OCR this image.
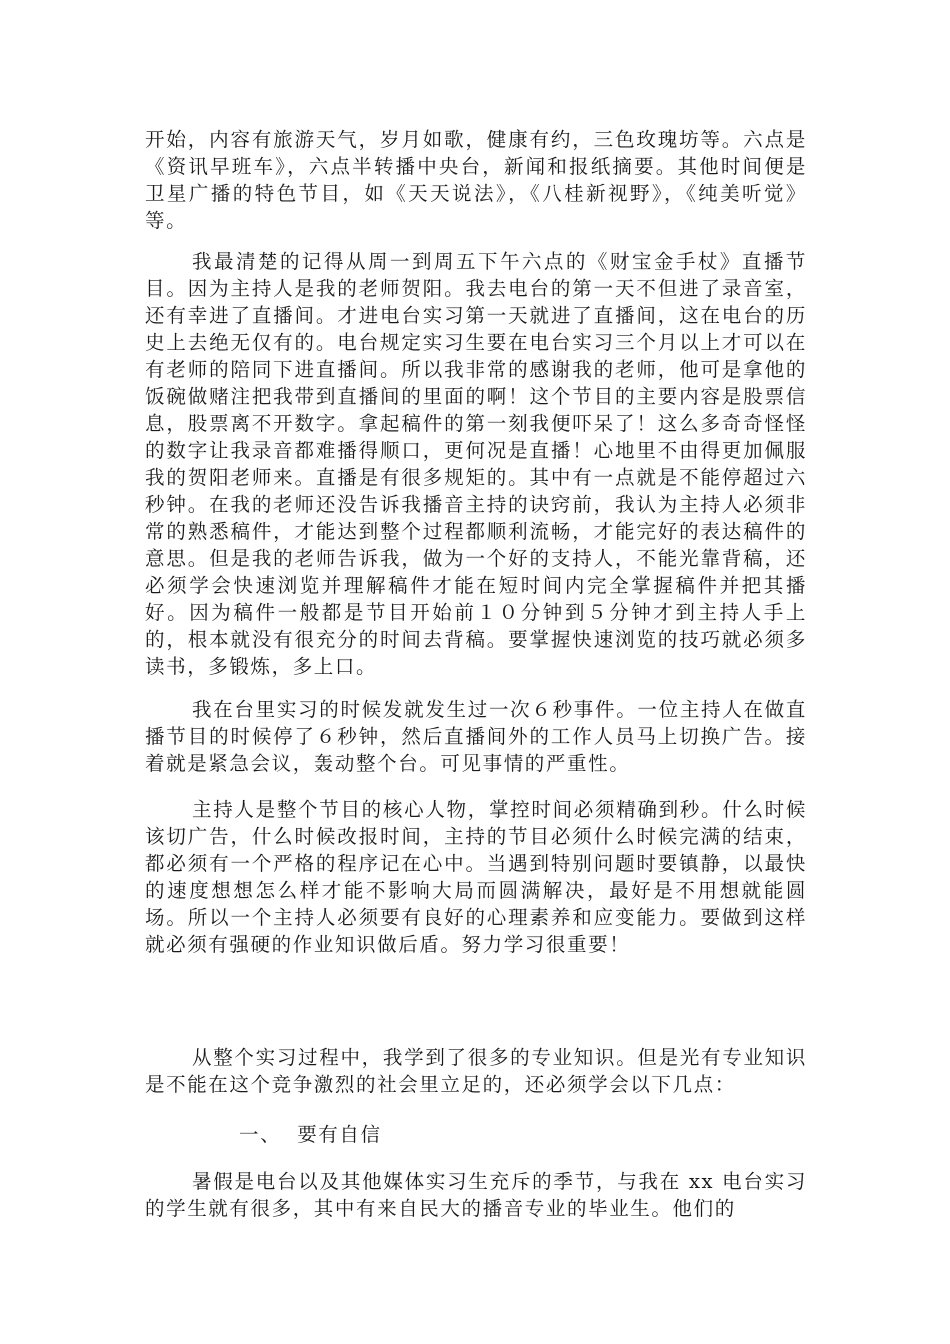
开始，内容有旅游天气，岁月如歌，健康有约，三色玫瑰坊等。六点是《资讯早班车》，六点半转播中央台，新闻和报纸摘要。其他时间便是卫星广播的特色节目，如《天天说法》，《八桂新视野》，《纯美听觉》等。

我最清楚的记得从周一到周五下午六点的《财宝金手杖》直播节目。因为主持人是我的老师贺阳。我去电台的第一天不但进了录音室，还有幸进了直播间。才进电台实习第一天就进了直播间，这在电台的历史上去绝无仅有的。电台规定实习生要在电台实习三个月以上才可以在有老师的陪同下进直播间。所以我非常的感谢我的老师，他可是拿他的饭碗做赌注把我带到直播间的里面的啊！这个节目的主要内容是股票信息，股票离不开数字。拿起稿件的第一刻我便吓呆了！这么多奇奇怪怪的数字让我录音都难播得顺口，更何况是直播！心地里不由得更加佩服我的贺阳老师来。直播是有很多规矩的。其中有一点就是不能停超过六秒钟。在我的老师还没告诉我播音主持的诀窍前，我认为主持人必须非常的熟悉稿件，才能达到整个过程都顺利流畅，才能完好的表达稿件的意思。但是我的老师告诉我，做为一个好的支持人，不能光靠背稿，还必须学会快速浏览并理解稿件才能在短时间内完全掌握稿件并把其播好。因为稿件一般都是节目开始前１０分钟到５分钟才到主持人手上的，根本就没有很充分的时间去背稿。要掌握快速浏览的技巧就必须多读书，多锻炼，多上口。

我在台里实习的时候发就发生过一次６秒事件。一位主持人在做直播节目的时候停了６秒钟，然后直播间外的工作人员马上切换广告。接着就是紧急会议，轰动整个台。可见事情的严重性。

主持人是整个节目的核心人物，掌控时间必须精确到秒。什么时候该切广告，什么时候改报时间，主持的节目必须什么时候完满的结束，都必须有一个严格的程序记在心中。当遇到特别问题时要镇静，以最快的速度想想怎么样才能不影响大局而圆满解决，最好是不用想就能圆场。所以一个主持人必须要有良好的心理素养和应变能力。要做到这样就必须有强硬的作业知识做后盾。努力学习很重要！

从整个实习过程中，我学到了很多的专业知识。但是光有专业知识是不能在这个竞争激烈的社会里立足的，还必须学会以下几点：

一、 要有自信

暑假是电台以及其他媒体实习生充斥的季节，与我在 xx 电台实习的学生就有很多，其中有来自民大的播音专业的毕业生。他们的
